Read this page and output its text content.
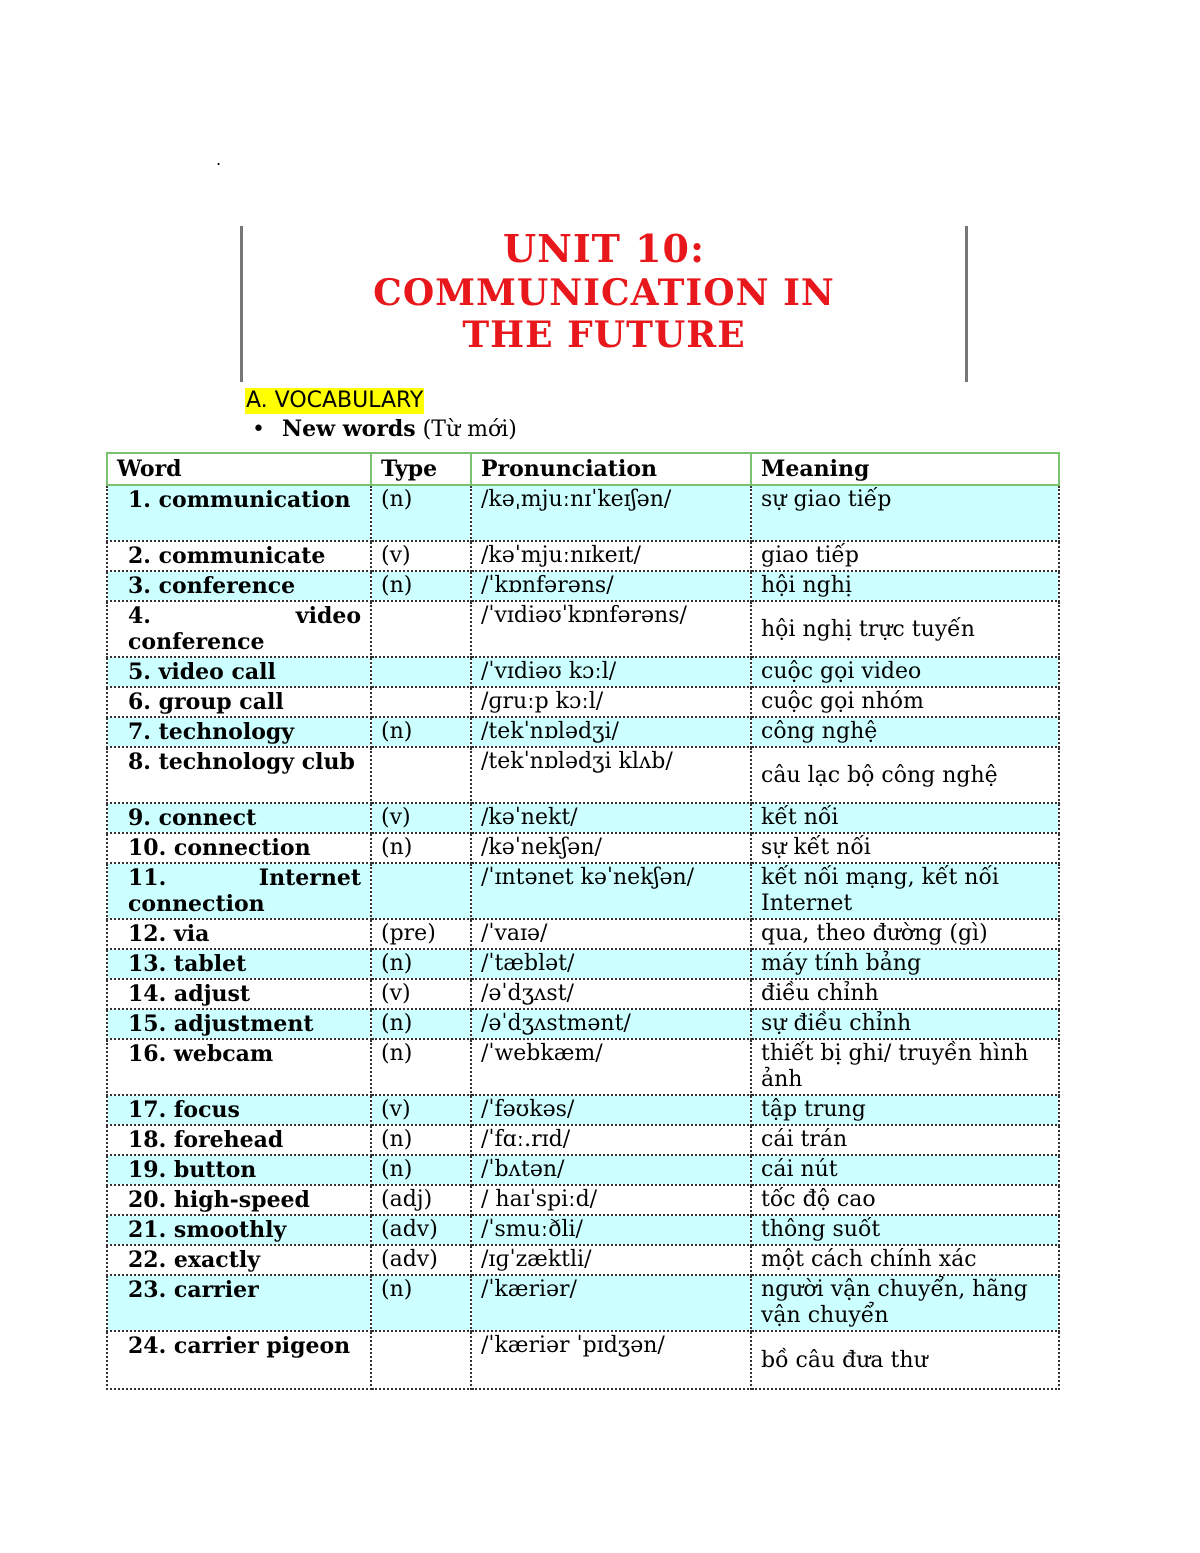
.
UNIT 10:
COMMUNICATION IN
THE FUTURE
A. VOCABULARY
• New words (Từ mới)
Word	Type	Pronunciation	Meaning
1. communication	(n)	/kəˌmjuːnɪˈkeɪʃən/	sự giao tiếp
2. communicate	(v)	/kəˈmjuːnɪkeɪt/	giao tiếp
3. conference	(n)	/ˈkɒnfərəns/	hội nghị
4. video conference		/ˈvɪdiəʊˈkɒnfərəns/	hội nghị trực tuyến
5. video call		/ˈvɪdiəʊ kɔːl/	cuộc gọi video
6. group call		/ɡruːp kɔːl/	cuộc gọi nhóm
7. technology	(n)	/tekˈnɒlədʒi/	công nghệ
8. technology club		/tekˈnɒlədʒi klʌb/	câu lạc bộ công nghệ
9. connect	(v)	/kəˈnekt/	kết nối
10. connection	(n)	/kəˈnekʃən/	sự kết nối
11. Internet connection		/ˈɪntənet kəˈnekʃən/	kết nối mạng, kết nối Internet
12. via	(pre)	/ˈvaɪə/	qua, theo đường (gì)
13. tablet	(n)	/ˈtæblət/	máy tính bảng
14. adjust	(v)	/əˈdʒʌst/	điều chỉnh
15. adjustment	(n)	/əˈdʒʌstmənt/	sự điều chỉnh
16. webcam	(n)	/ˈwebkæm/	thiết bị ghi/ truyền hình ảnh
17. focus	(v)	/ˈfəʊkəs/	tập trung
18. forehead	(n)	/ˈfɑː.rɪd/	cái trán
19. button	(n)	/ˈbʌtən/	cái nút
20. high-speed	(adj)	/ haɪˈspiːd/	tốc độ cao
21. smoothly	(adv)	/ˈsmuːðli/	thông suốt
22. exactly	(adv)	/ɪɡˈzæktli/	một cách chính xác
23. carrier	(n)	/ˈkæriər/	người vận chuyển, hãng vận chuyển
24. carrier pigeon		/ˈkæriər ˈpɪdʒən/	bồ câu đưa thư
